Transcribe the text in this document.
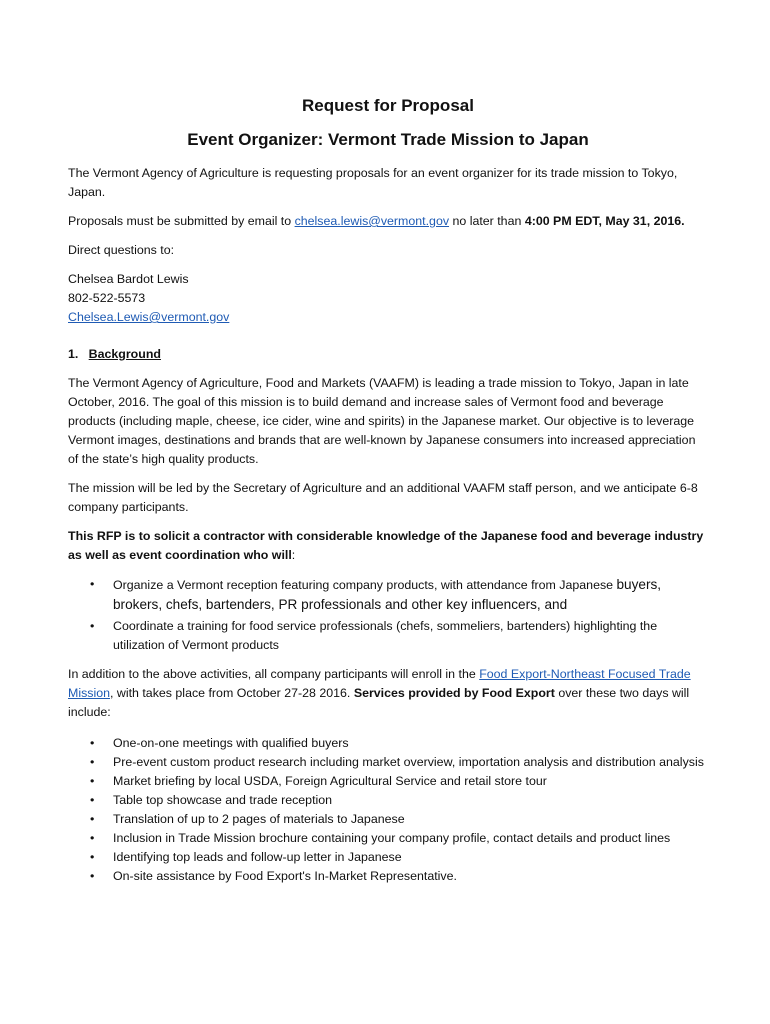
Request for Proposal
Event Organizer: Vermont Trade Mission to Japan

The Vermont Agency of Agriculture is requesting proposals for an event organizer for its trade mission to Tokyo, Japan.

Proposals must be submitted by email to chelsea.lewis@vermont.gov no later than 4:00 PM EDT, May 31, 2016.

Direct questions to:

Chelsea Bardot Lewis

802-522-5573

Chelsea.Lewis@vermont.gov

1. Background

The Vermont Agency of Agriculture, Food and Markets (VAAFM) is leading a trade mission to Tokyo, Japan in late October, 2016. The goal of this mission is to build demand and increase sales of Vermont food and beverage products (including maple, cheese, ice cider, wine and spirits) in the Japanese market. Our objective is to leverage Vermont images, destinations and brands that are well-known by Japanese consumers into increased appreciation of the state’s high quality products.

The mission will be led by the Secretary of Agriculture and an additional VAAFM staff person, and we anticipate 6-8 company participants.

This RFP is to solicit a contractor with considerable knowledge of the Japanese food and beverage industry as well as event coordination who will:

• Organize a Vermont reception featuring company products, with attendance from Japanese buyers, brokers, chefs, bartenders, PR professionals and other key influencers, and
• Coordinate a training for food service professionals (chefs, sommeliers, bartenders) highlighting the utilization of Vermont products

In addition to the above activities, all company participants will enroll in the Food Export-Northeast Focused Trade Mission, with takes place from October 27-28 2016. Services provided by Food Export over these two days will include:

• One-on-one meetings with qualified buyers
• Pre-event custom product research including market overview, importation analysis and distribution analysis
• Market briefing by local USDA, Foreign Agricultural Service and retail store tour
• Table top showcase and trade reception
• Translation of up to 2 pages of materials to Japanese
• Inclusion in Trade Mission brochure containing your company profile, contact details and product lines
• Identifying top leads and follow-up letter in Japanese
• On-site assistance by Food Export's In-Market Representative.
